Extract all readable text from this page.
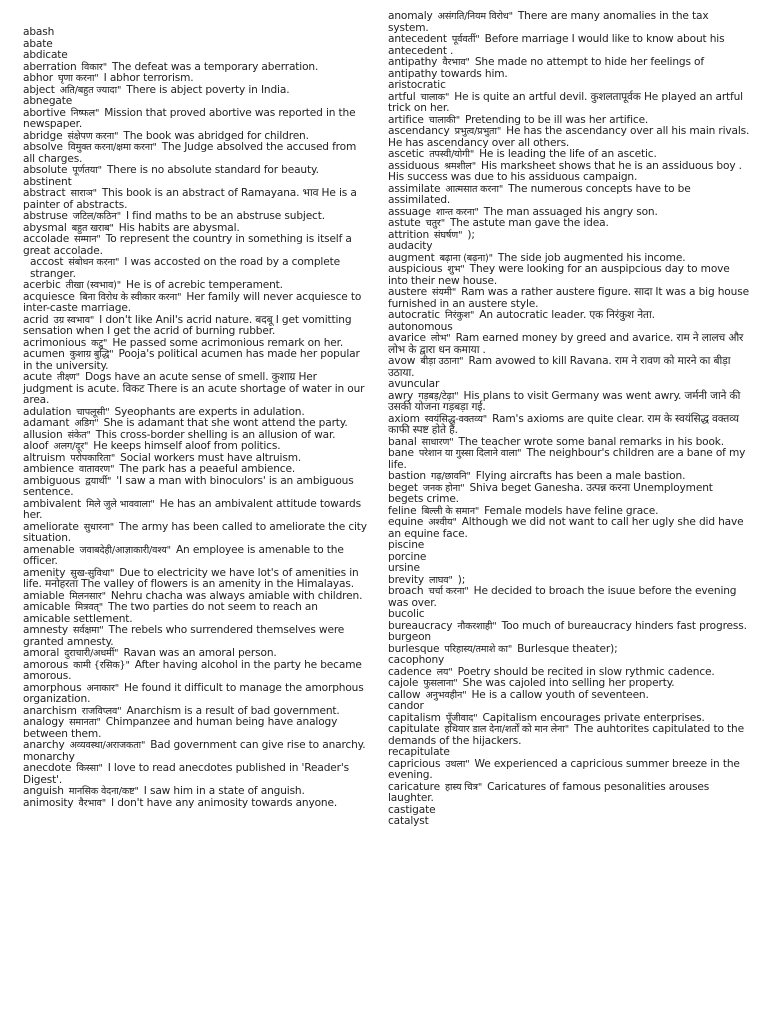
abash

abate

abdicate

aberration विकार " The defeat was a temporary aberration.

abhor घृणा करना " I abhor terrorism.

abject अति/बहुत ज्यादा " There is abject poverty in India.

abnegate

abortive निष्फल " Mission that proved abortive was reported in the newspaper.

abridge संक्षेपण करना " The book was abridged for children.

absolve विमुक्त करना/क्षमा करना " The Judge absolved the accused from all charges.

absolute पूर्णतया " There is no absolute standard for beauty.

abstinent

abstract साराञ " This book is an abstract of Ramayana. भाव He is a painter of abstracts.

abstruse जटिल/कठिन " I find maths to be an abstruse subject.

abysmal बहुत खराब " His habits are abysmal.

accolade सम्मान " To represent the country in something is itself a great accolade.

accost संबोधन करना " I was accosted on the road by a complete stranger.

acerbic तीखा (स्वभाव) " He is of acrebic temperament.

acquiesce बिना विरोध के स्वीकार करना " Her family will never acquiesce to inter-caste marriage.

acrid उग्र स्वभाव " I don't like Anil's acrid nature. बदबू I get vomitting sensation when I get the acrid of burning rubber.

acrimonious कटु " He passed some acrimonious remark on her.

acumen कुशाग्र बुद्धि " Pooja's political acumen has made her popular in the university.

acute तीक्ष्ण " Dogs have an acute sense of smell. कुशाग्र Her judgment is acute. विकट There is an acute shortage of water in our area.

adulation चापलूसी " Syeophants are experts in adulation.

adamant अडिग " She is adamant that she wont attend the party.

allusion संकेत " This cross-border shelling is an allusion of war.

aloof अलग/दूर " He keeps himself aloof from politics.

altruism परोपकारिता " Social workers must have altruism.

ambience वातावरण " The park has a peaeful ambience.

ambiguous द्वयार्थी " 'I saw a man with binoculors' is an ambiguous sentence.

ambivalent मिले जुले भाववाला " He has an ambivalent attitude towards her.

ameliorate सुधारना " The army has been called to ameliorate the city situation.

amenable जवाबदेही/आज्ञाकारी/वश्य " An employee is amenable to the officer.

amenity सुख-सुविधा " Due to electricity we have lot's of amenities in life. मनोहरता The valley of flowers is an amenity in the Himalayas.

amiable मिलनसार " Nehru chacha was always amiable with children.

amicable मित्रवत् " The two parties do not seem to reach an amicable settlement.

amnesty सर्वक्षमा " The rebels who surrendered themselves were granted amnesty.

amoral दुराचारी/अधर्मी " Ravan was an amoral person.

amorous कामी {रसिक} " After having alcohol in the party he became amorous.

amorphous अनाकार " He found it difficult to manage the amorphous organization.

anarchism राजविप्लव " Anarchism is a result of bad government.

analogy समानता " Chimpanzee and human being have analogy between them.

anarchy अव्यवस्था/अराजकता " Bad government can give rise to anarchy.

monarchy

anecdote किस्सा " I love to read anecdotes published in 'Reader's Digest'.

anguish मानसिक वेदना/कष्ट " I saw him in a state of anguish.

animosity वैरभाव " I don't have any animosity towards anyone.

anomaly असंगति/नियम विरोध " There are many anomalies in the tax system.

antecedent पूर्ववर्ती " Before marriage I would like to know about his antecedent .

antipathy वैरभाव " She made no attempt to hide her feelings of antipathy towards him.

aristocratic

artful चालाक " He is quite an artful devil. कुशलतापूर्वक He played an artful trick on her.

artifice चालाकी " Pretending to be ill was her artifice.

ascendancy प्रभुत्व/प्रभुता " He has the ascendancy over all his main rivals. He has ascendancy over all others.

ascetic तपस्वी/योगी " He is leading the life of an ascetic.

assiduous श्रमशील " His marksheet shows that he is an assiduous boy . His success was due to his assiduous campaign.

assimilate आत्मसात करना " The numerous concepts have to be assimilated.

assuage शान्त करना " The man assuaged his angry son.

astute चतुर " The astute man gave the idea.

attrition संघर्षण " );

audacity

augment बढ़ाना (बढ़ना) " The side job augmented his income.

auspicious शुभ " They were looking for an auspipcious day to move into their new house.

austere संयमी " Ram was a rather austere figure. सादा It was a big house furnished in an austere style.

autocratic निरंकुश " An autocratic leader. एक निरंकुश नेता.

autonomous

avarice लोभ " Ram earned money by greed and avarice. राम ने लालच और लोभ के द्वारा धन कमाया .

avow बीड़ा उठाना " Ram avowed to kill Ravana. राम ने रावण को मारने का बीड़ा उठाया.

avuncular

awry गड़बड़/टेढ़ा " His plans to visit Germany was went awry. जर्मनी जाने की उसकी योजना गड़बड़ा गई.

axiom स्वयंसिद्ध-वक्तव्य " Ram's axioms are quite clear. राम के स्वयंसिद्ध वक्तव्य काफी स्पष्ट होते हैं.

banal साधारण " The teacher wrote some banal remarks in his book.

bane परेशान या गुस्सा दिलाने वाला " The neighbour's children are a bane of my life.

bastion गढ़/छावनि " Flying aircrafts has been a male bastion.

beget जनक होना " Shiva beget Ganesha. उत्पन्न करना Unemployment begets crime.

feline बिल्ली के समान " Female models have feline grace.

equine अश्वीय " Although we did not want to call her ugly she did have an equine face.

piscine

porcine

ursine

brevity लाघव " );

broach चर्चा करना " He decided to broach the isuue before the evening was over.

bucolic

bureaucracy नौकरशाही " Too much of bureaucracy hinders fast progress.

burgeon

burlesque परिहास्य/तमाशे का " Burlesque theater);

cacophony

cadence लय " Poetry should be recited in slow rythmic cadence.

cajole फुसलाना " She was cajoled into selling her property.

callow अनुभवहीन " He is a callow youth of seventeen.

candor

capitalism पूँजीवाद " Capitalism encourages private enterprises.

capitulate हथियार डाल देना/शर्तों को मान लेना " The auhtorites capitulated to the demands of the hijackers.

recapitulate

capricious उथला " We experienced a capricious summer breeze in the evening.

caricature हास्य चित्र " Caricatures of famous pesonalities arouses laughter.

castigate

catalyst
